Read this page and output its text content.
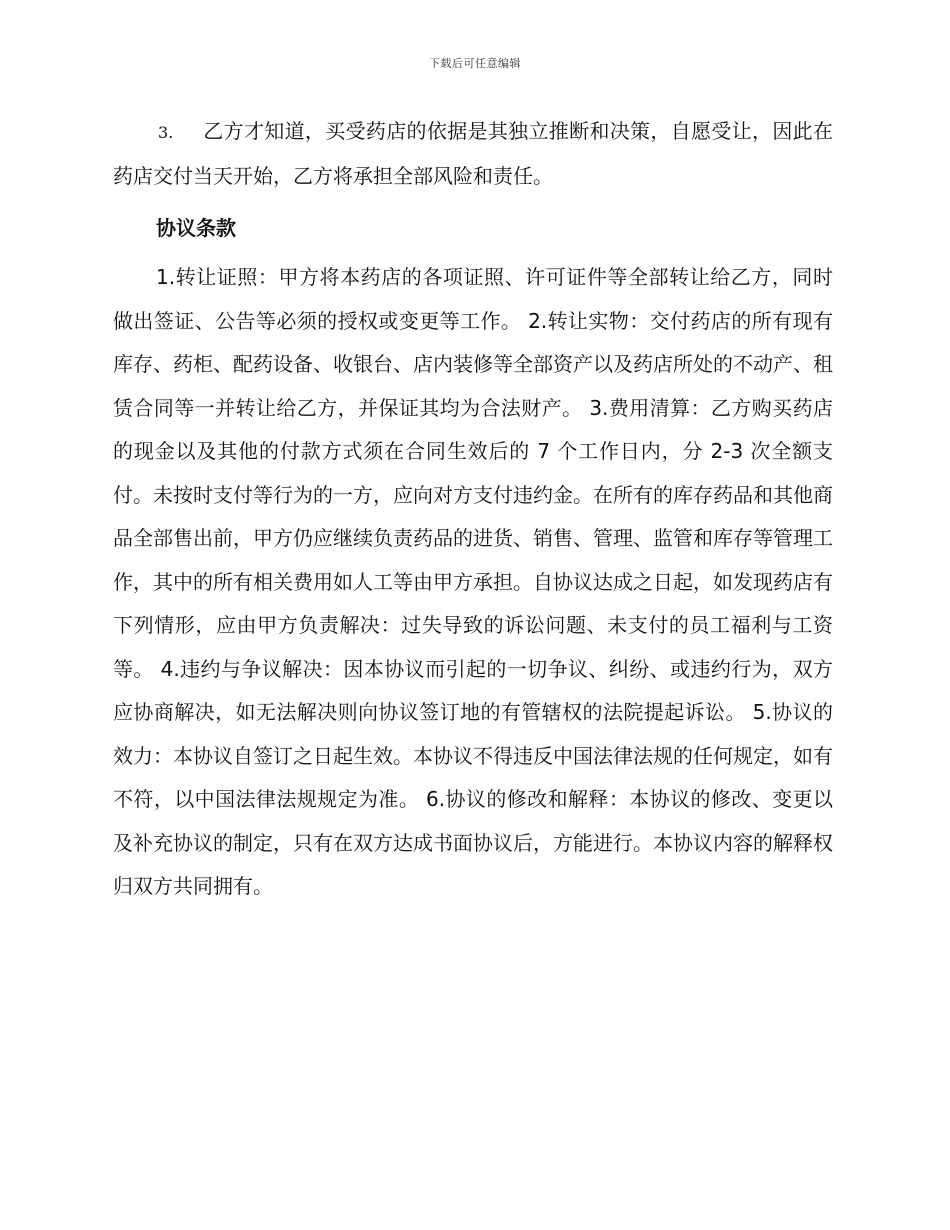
下载后可任意编辑

3. 乙方才知道，买受药店的依据是其独立推断和决策，自愿受让，因此在药店交付当天开始，乙方将承担全部风险和责任。

协议条款

1.转让证照：甲方将本药店的各项证照、许可证件等全部转让给乙方，同时做出签证、公告等必须的授权或变更等工作。 2.转让实物：交付药店的所有现有库存、药柜、配药设备、收银台、店内装修等全部资产以及药店所处的不动产、租赁合同等一并转让给乙方，并保证其均为合法财产。 3.费用清算：乙方购买药店的现金以及其他的付款方式须在合同生效后的 7 个工作日内，分 2-3 次全额支付。未按时支付等行为的一方，应向对方支付违约金。在所有的库存药品和其他商品全部售出前，甲方仍应继续负责药品的进货、销售、管理、监管和库存等管理工作，其中的所有相关费用如人工等由甲方承担。自协议达成之日起，如发现药店有下列情形，应由甲方负责解决：过失导致的诉讼问题、未支付的员工福利与工资等。 4.违约与争议解决：因本协议而引起的一切争议、纠纷、或违约行为，双方应协商解决，如无法解决则向协议签订地的有管辖权的法院提起诉讼。 5.协议的效力：本协议自签订之日起生效。本协议不得违反中国法律法规的任何规定，如有不符，以中国法律法规规定为准。 6.协议的修改和解释：本协议的修改、变更以及补充协议的制定，只有在双方达成书面协议后，方能进行。本协议内容的解释权归双方共同拥有。
